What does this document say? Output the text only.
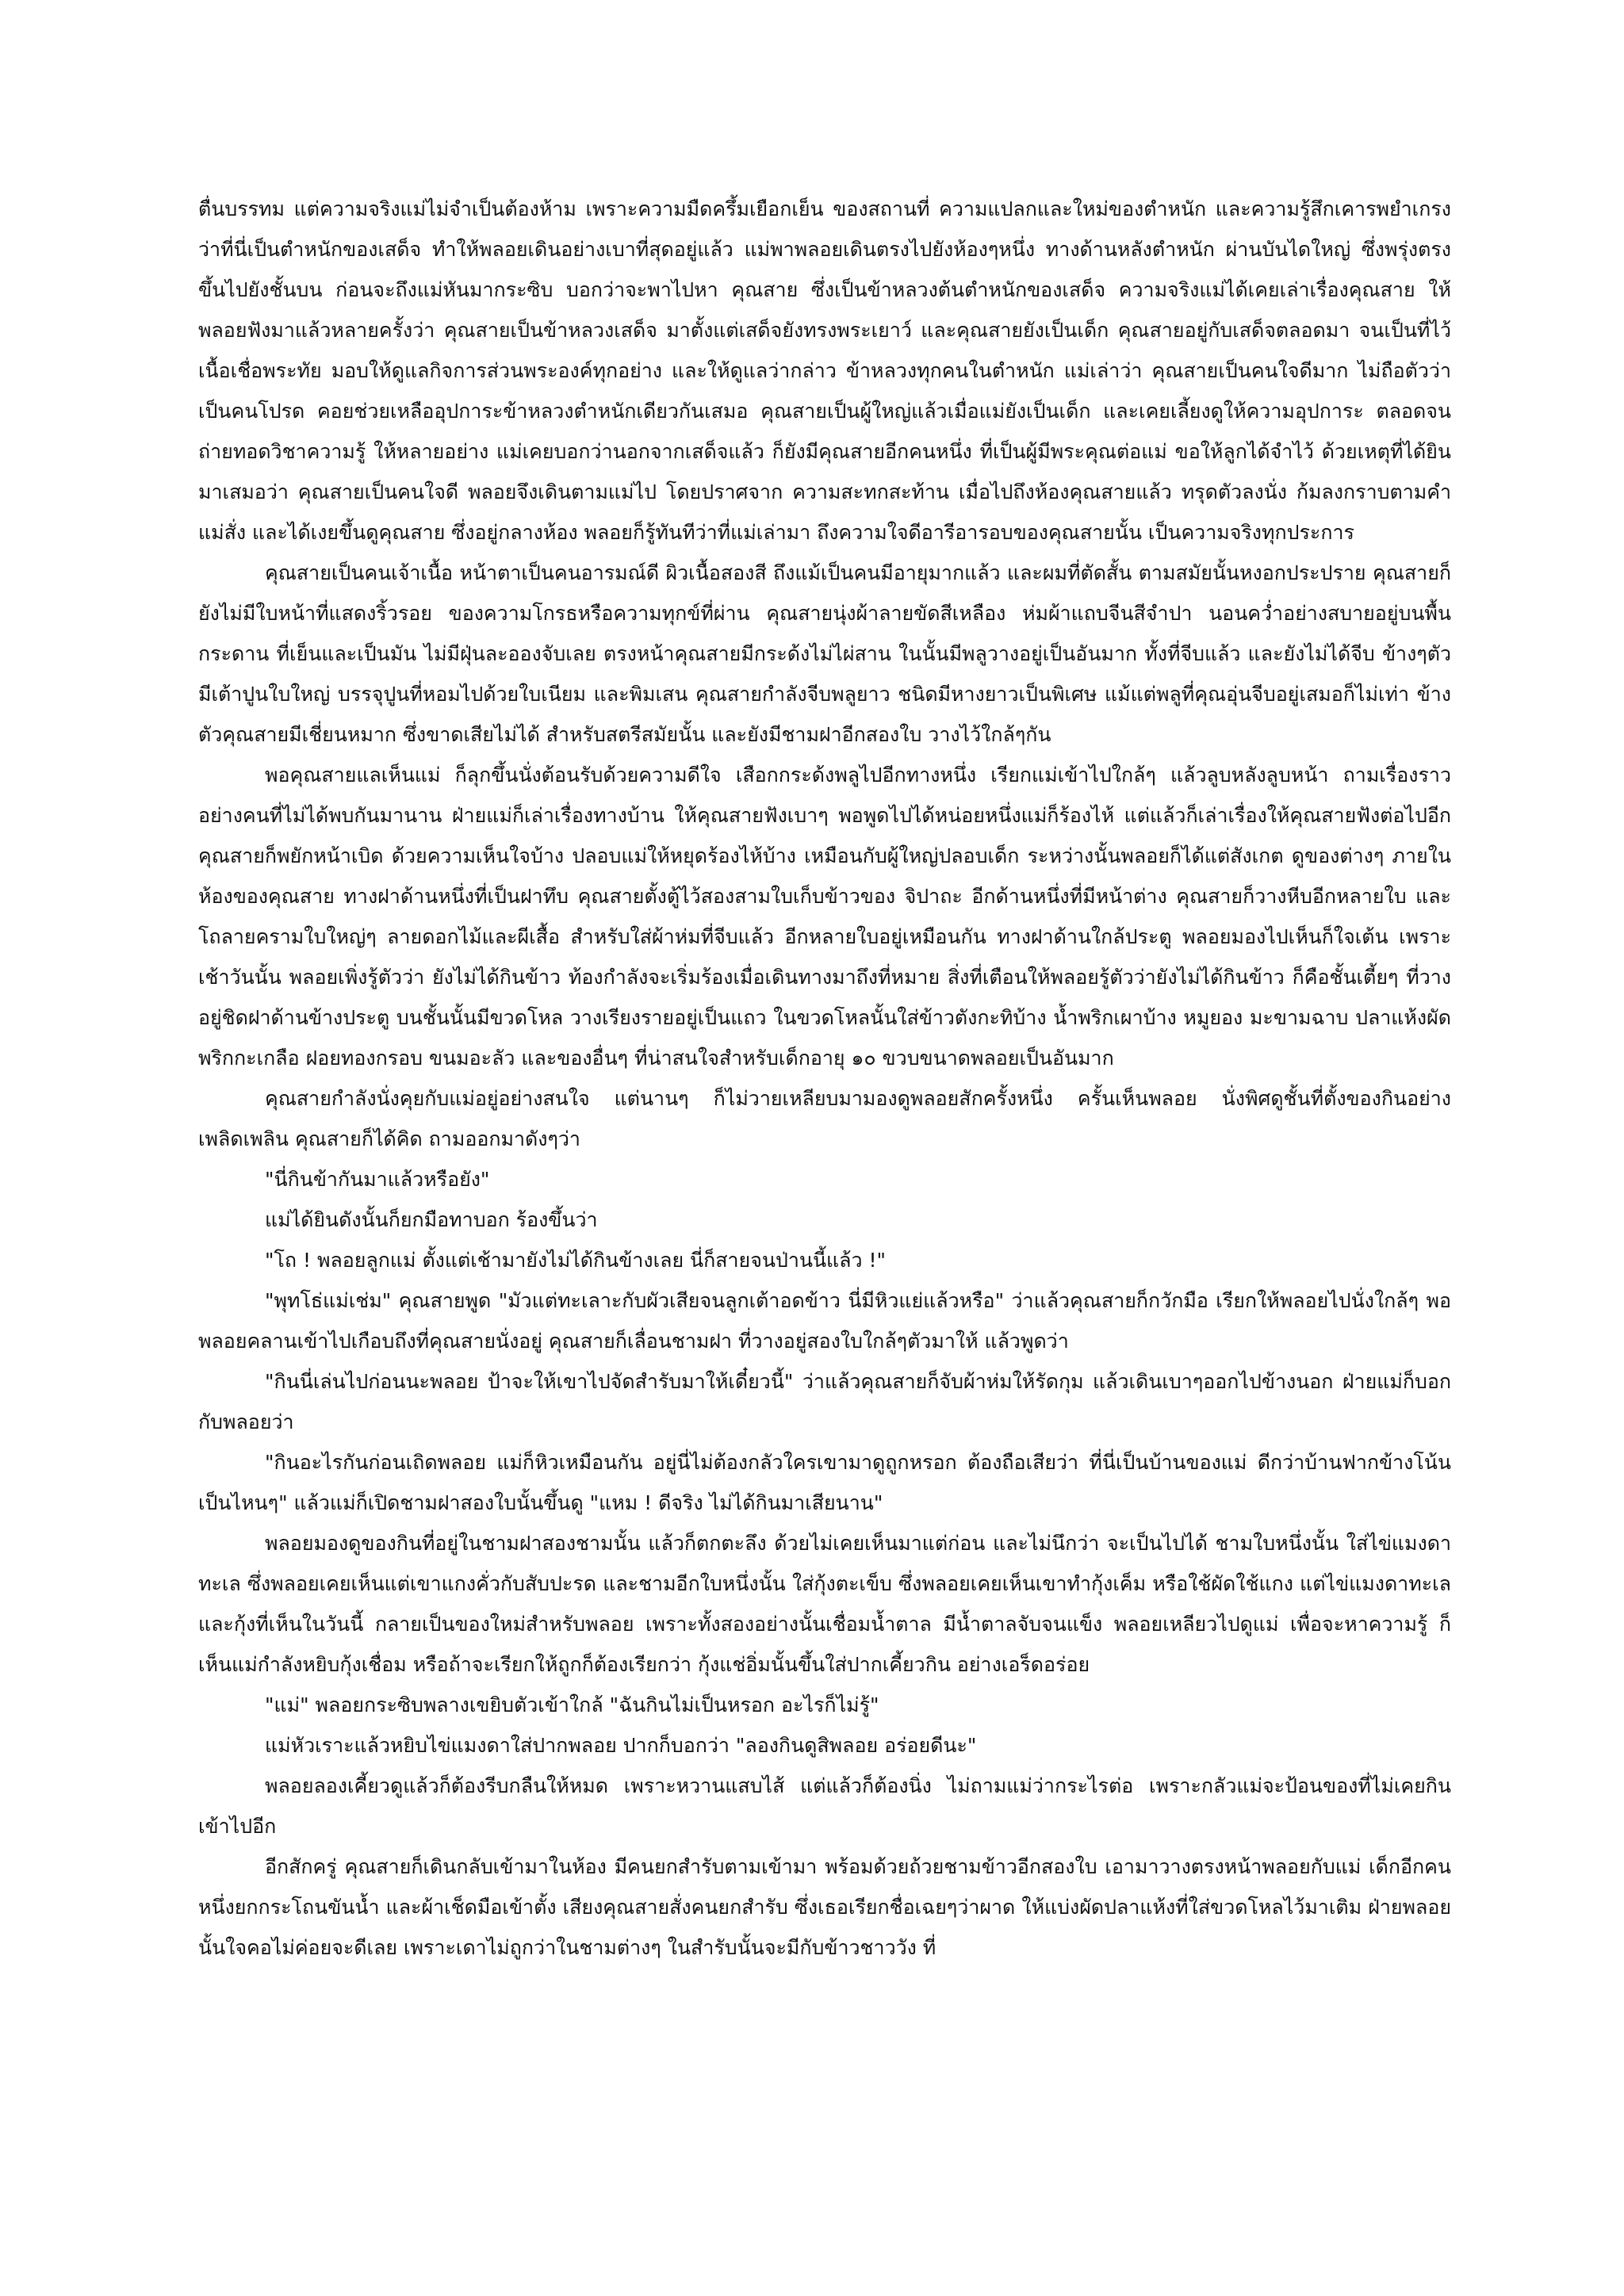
ตื่นบรรทม แต่ความจริงแม่ไม่จำเป็นต้องห้าม เพราะความมืดครึ้มเยือกเย็น ของสถานที่ ความแปลกและใหม่ของตำหนัก และความรู้สึกเคารพยำเกรง ว่าที่นี่เป็นตำหนักของเสด็จ ทำให้พลอยเดินอย่างเบาที่สุดอยู่แล้ว แม่พาพลอยเดินตรงไปยังห้องๆหนึ่ง ทางด้านหลังตำหนัก ผ่านบันไดใหญ่ ซึ่งพรุ่งตรงขึ้นไปยังชั้นบน ก่อนจะถึงแม่หันมากระซิบ บอกว่าจะพาไปหา คุณสาย ซึ่งเป็นข้าหลวงต้นตำหนักของเสด็จ ความจริงแม่ได้เคยเล่าเรื่องคุณสาย ให้พลอยฟังมาแล้วหลายครั้งว่า คุณสายเป็นข้าหลวงเสด็จ มาตั้งแต่เสด็จยังทรงพระเยาว์ และคุณสายยังเป็นเด็ก คุณสายอยู่กับเสด็จตลอดมา จนเป็นที่ไว้เนื้อเชื่อพระทัย มอบให้ดูแลกิจการส่วนพระองค์ทุกอย่าง และให้ดูแลว่ากล่าว ข้าหลวงทุกคนในตำหนัก แม่เล่าว่า คุณสายเป็นคนใจดีมาก ไม่ถือตัวว่าเป็นคนโปรด คอยช่วยเหลืออุปการะข้าหลวงตำหนักเดียวกันเสมอ คุณสายเป็นผู้ใหญ่แล้วเมื่อแม่ยังเป็นเด็ก และเคยเลี้ยงดูให้ความอุปการะ ตลอดจนถ่ายทอดวิชาความรู้ ให้หลายอย่าง แม่เคยบอกว่านอกจากเสด็จแล้ว ก็ยังมีคุณสายอีกคนหนึ่ง ที่เป็นผู้มีพระคุณต่อแม่ ขอให้ลูกได้จำไว้ ด้วยเหตุที่ได้ยินมาเสมอว่า คุณสายเป็นคนใจดี พลอยจึงเดินตามแม่ไป โดยปราศจาก ความสะทกสะท้าน เมื่อไปถึงห้องคุณสายแล้ว ทรุดตัวลงนั่ง ก้มลงกราบตามคำแม่สั่ง และได้เงยขึ้นดูคุณสาย ซึ่งอยู่กลางห้อง พลอยก็รู้ทันทีว่าที่แม่เล่ามา ถึงความใจดีอารีอารอบของคุณสายนั้น เป็นความจริงทุกประการ

คุณสายเป็นคนเจ้าเนื้อ หน้าตาเป็นคนอารมณ์ดี ผิวเนื้อสองสี ถึงแม้เป็นคนมีอายุมากแล้ว และผมที่ตัดสั้น ตามสมัยนั้นหงอกประปราย คุณสายก็ยังไม่มีใบหน้าที่แสดงริ้วรอย ของความโกรธหรือความทุกข์ที่ผ่าน คุณสายนุ่งผ้าลายขัดสีเหลือง ห่มผ้าแถบจีนสีจำปา นอนคว่ำอย่างสบายอยู่บนพื้นกระดาน ที่เย็นและเป็นมัน ไม่มีฝุ่นละอองจับเลย ตรงหน้าคุณสายมีกระด้งไม่ไผ่สาน ในนั้นมีพลูวางอยู่เป็นอันมาก ทั้งที่จีบแล้ว และยังไม่ได้จีบ ข้างๆตัวมีเต้าปูนใบใหญ่ บรรจุปูนที่หอมไปด้วยใบเนียม และพิมเสน คุณสายกำลังจีบพลูยาว ชนิดมีหางยาวเป็นพิเศษ แม้แต่พลูที่คุณอุ่นจีบอยู่เสมอก็ไม่เท่า ข้างตัวคุณสายมีเชี่ยนหมาก ซึ่งขาดเสียไม่ได้ สำหรับสตรีสมัยนั้น และยังมีชามฝาอีกสองใบ วางไว้ใกล้ๆกัน

พอคุณสายแลเห็นแม่ ก็ลุกขึ้นนั่งต้อนรับด้วยความดีใจ เสือกกระด้งพลูไปอีกทางหนึ่ง เรียกแม่เข้าไปใกล้ๆ แล้วลูบหลังลูบหน้า ถามเรื่องราวอย่างคนที่ไม่ได้พบกันมานาน ฝ่ายแม่ก็เล่าเรื่องทางบ้าน ให้คุณสายฟังเบาๆ พอพูดไปได้หน่อยหนึ่งแม่ก็ร้องไห้ แต่แล้วก็เล่าเรื่องให้คุณสายฟังต่อไปอีก คุณสายก็พยักหน้าเบิด ด้วยความเห็นใจบ้าง ปลอบแม่ให้หยุดร้องไห้บ้าง เหมือนกับผู้ใหญ่ปลอบเด็ก ระหว่างนั้นพลอยก็ได้แต่สังเกต ดูของต่างๆ ภายในห้องของคุณสาย ทางฝาด้านหนึ่งที่เป็นฝาทึบ คุณสายตั้งตู้ไว้สองสามใบเก็บข้าวของ จิปาถะ อีกด้านหนึ่งที่มีหน้าต่าง คุณสายก็วางหีบอีกหลายใบ และโถลายครามใบใหญ่ๆ ลายดอกไม้และผีเสื้อ สำหรับใส่ผ้าห่มที่จีบแล้ว อีกหลายใบอยู่เหมือนกัน ทางฝาด้านใกล้ประตู พลอยมองไปเห็นก็ใจเต้น เพราะเช้าวันนั้น พลอยเพิ่งรู้ตัวว่า ยังไม่ได้กินข้าว ท้องกำลังจะเริ่มร้องเมื่อเดินทางมาถึงที่หมาย สิ่งที่เตือนให้พลอยรู้ตัวว่ายังไม่ได้กินข้าว ก็คือชั้นเตี้ยๆ ที่วางอยู่ชิดฝาด้านข้างประตู บนชั้นนั้นมีขวดโหล วางเรียงรายอยู่เป็นแถว ในขวดโหลนั้นใส่ข้าวตังกะทิบ้าง น้ำพริกเผาบ้าง หมูยอง มะขามฉาบ ปลาแห้งผัด พริกกะเกลือ ฝอยทองกรอบ ขนมอะลัว และของอื่นๆ ที่น่าสนใจสำหรับเด็กอายุ ๑๐ ขวบขนาดพลอยเป็นอันมาก

คุณสายกำลังนั่งคุยกับแม่อยู่อย่างสนใจ แต่นานๆ ก็ไม่วายเหลียบมามองดูพลอยสักครั้งหนึ่ง ครั้นเห็นพลอย นั่งพิศดูชั้นที่ตั้งของกินอย่างเพลิดเพลิน คุณสายก็ได้คิด ถามออกมาดังๆว่า

"นี่กินข้ากันมาแล้วหรือยัง"

แม่ได้ยินดังนั้นก็ยกมือทาบอก ร้องขึ้นว่า

"โถ ! พลอยลูกแม่ ตั้งแต่เช้ามายังไม่ได้กินข้างเลย นี่ก็สายจนป่านนี้แล้ว !"

"พุทโธ่แม่เช่ม" คุณสายพูด "มัวแต่ทะเลาะกับผัวเสียจนลูกเต้าอดข้าว นี่มีหิวแย่แล้วหรือ" ว่าแล้วคุณสายก็กวักมือ เรียกให้พลอยไปนั่งใกล้ๆ พอพลอยคลานเข้าไปเกือบถึงที่คุณสายนั่งอยู่ คุณสายก็เลื่อนชามฝา ที่วางอยู่สองใบใกล้ๆตัวมาให้ แล้วพูดว่า

"กินนี่เล่นไปก่อนนะพลอย ป้าจะให้เขาไปจัดสำรับมาให้เดี๋ยวนี้" ว่าแล้วคุณสายก็จับผ้าห่มให้รัดกุม แล้วเดินเบาๆออกไปข้างนอก ฝ่ายแม่ก็บอกกับพลอยว่า

"กินอะไรกันก่อนเถิดพลอย แม่ก็หิวเหมือนกัน อยู่นี่ไม่ต้องกลัวใครเขามาดูถูกหรอก ต้องถือเสียว่า ที่นี่เป็นบ้านของแม่ ดีกว่าบ้านฟากข้างโน้นเป็นไหนๆ" แล้วแม่ก็เปิดชามฝาสองใบนั้นขึ้นดู "แหม ! ดีจริง ไม่ได้กินมาเสียนาน"

พลอยมองดูของกินที่อยู่ในชามฝาสองชามนั้น แล้วก็ตกตะลึง ด้วยไม่เคยเห็นมาแต่ก่อน และไม่นึกว่า จะเป็นไปได้ ชามใบหนึ่งนั้น ใส่ไข่แมงดาทะเล ซึ่งพลอยเคยเห็นแต่เขาแกงคั่วกับสับปะรด และชามอีกใบหนึ่งนั้น ใส่กุ้งตะเข็บ ซึ่งพลอยเคยเห็นเขาทำกุ้งเค็ม หรือใช้ผัดใช้แกง แต่ไข่แมงดาทะเลและกุ้งที่เห็นในวันนี้ กลายเป็นของใหม่สำหรับพลอย เพราะทั้งสองอย่างนั้นเชื่อมน้ำตาล มีน้ำตาลจับจนแข็ง พลอยเหลียวไปดูแม่ เพื่อจะหาความรู้ ก็เห็นแม่กำลังหยิบกุ้งเชื่อม หรือถ้าจะเรียกให้ถูกก็ต้องเรียกว่า กุ้งแช่อิ่มนั้นขึ้นใส่ปากเคี้ยวกิน อย่างเอร็ดอร่อย

"แม่" พลอยกระซิบพลางเขยิบตัวเข้าใกล้ "ฉันกินไม่เป็นหรอก อะไรก็ไม่รู้"

แม่หัวเราะแล้วหยิบไข่แมงดาใส่ปากพลอย ปากก็บอกว่า "ลองกินดูสิพลอย อร่อยดีนะ"

พลอยลองเคี้ยวดูแล้วก็ต้องรีบกลืนให้หมด เพราะหวานแสบไส้ แต่แล้วก็ต้องนิ่ง ไม่ถามแม่ว่ากระไรต่อ เพราะกลัวแม่จะป้อนของที่ไม่เคยกินเข้าไปอีก

อีกสักครู่ คุณสายก็เดินกลับเข้ามาในห้อง มีคนยกสำรับตามเข้ามา พร้อมด้วยถ้วยชามข้าวอีกสองใบ เอามาวางตรงหน้าพลอยกับแม่ เด็กอีกคนหนึ่งยกกระโถนขันน้ำ และผ้าเช็ดมือเข้าตั้ง เสียงคุณสายสั่งคนยกสำรับ ซึ่งเธอเรียกชื่อเฉยๆว่าผาด ให้แบ่งผัดปลาแห้งที่ใส่ขวดโหลไว้มาเติม ฝ่ายพลอยนั้นใจคอไม่ค่อยจะดีเลย เพราะเดาไม่ถูกว่าในชามต่างๆ ในสำรับนั้นจะมีกับข้าวชาววัง ที่
